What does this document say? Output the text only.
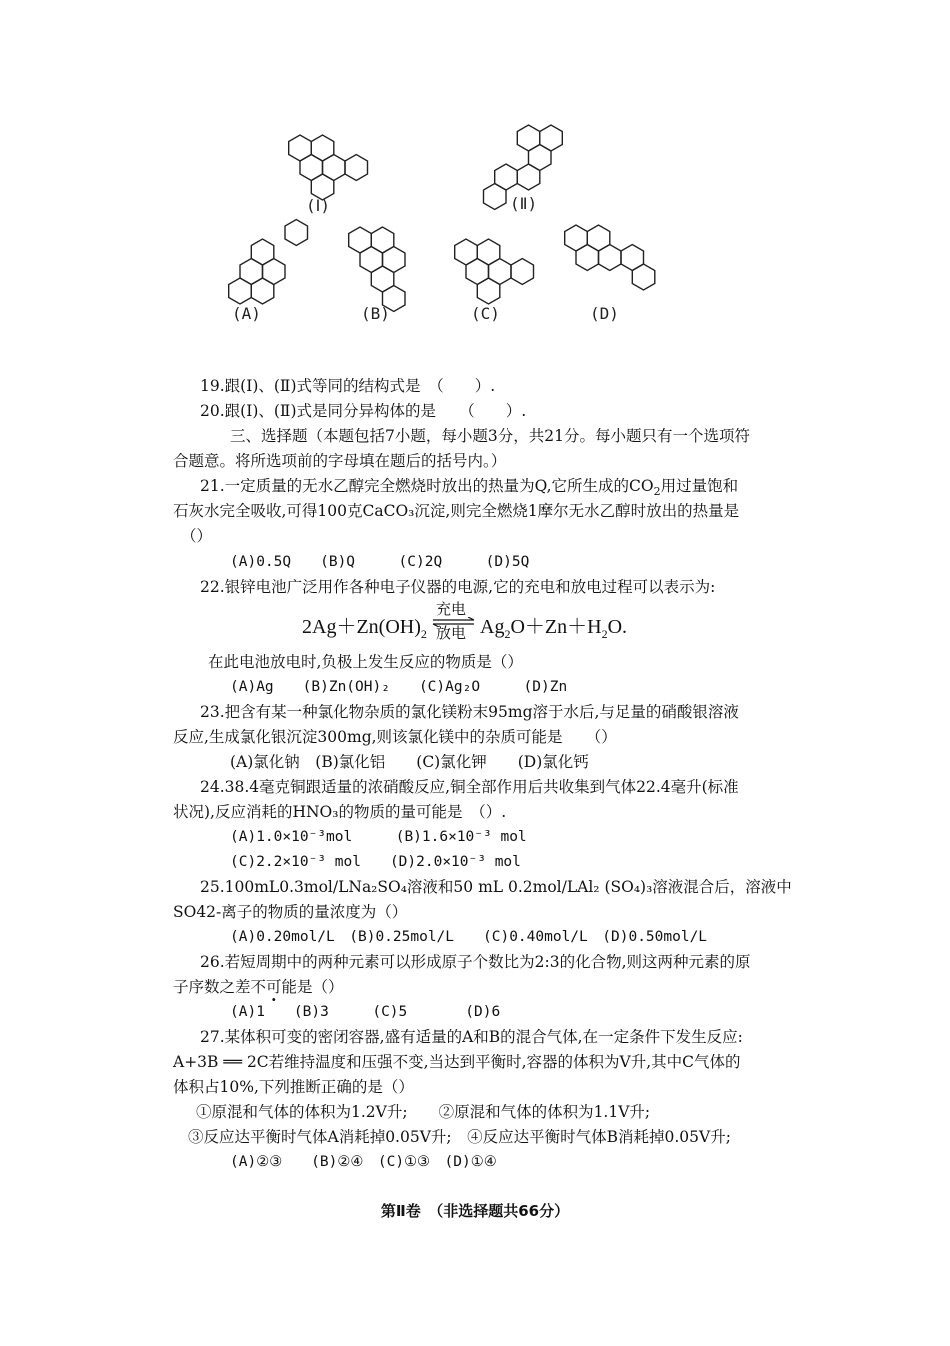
(Ⅰ)	(Ⅱ)
(A)	(B)	(C)	(D)
19.跟(Ⅰ)、(Ⅱ)式等同的结构式是　（　　）.
20.跟(Ⅰ)、(Ⅱ)式是同分异构体的是　　（　　）.
三、选择题（本题包括7小题，每小题3分，共21分。每小题只有一个选项符
合题意。将所选项前的字母填在题后的括号内。）
21.一定质量的无水乙醇完全燃烧时放出的热量为Q,它所生成的$CO_2$用过量饱和
石灰水完全吸收,可得100克CaCO₃沉淀,则完全燃烧1摩尔无水乙醇时放出的热量是
（）
(A)0.5Q　　(B)Q　　　(C)2Q　　　(D)5Q
22.银锌电池广泛用作各种电子仪器的电源,它的充电和放电过程可以表示为:
$2Ag+Zn(OH)_2$
充电
放电 $Ag_2O+Zn+H_2O$.
在此电池放电时,负极上发生反应的物质是（）
(A)Ag　　(B)Zn(OH)₂　　(C)Ag₂O　　　(D)Zn
23.把含有某一种氯化物杂质的氯化镁粉末95mg溶于水后,与足量的硝酸银溶液
反应,生成氯化银沉淀300mg,则该氯化镁中的杂质可能是　　（）
(A)氯化钠　(B)氯化铝　　(C)氯化钾　　(D)氯化钙
24.38.4毫克铜跟适量的浓硝酸反应,铜全部作用后共收集到气体22.4毫升(标准
状况),反应消耗的HNO₃的物质的量可能是　（）.
(A)1.0×10⁻³mol　　　(B)1.6×10⁻³ mol
(C)2.2×10⁻³ mol　　(D)2.0×10⁻³ mol
25.100mL0.3mol/LNa₂SO₄溶液和50 mL 0.2mol/LAl₂ (SO₄)₃溶液混合后，溶液中
SO42-离子的物质的量浓度为（）
(A)0.20mol/L　(B)0.25mol/L　　(C)0.40mol/L　(D)0.50mol/L
26.若短周期中的两种元素可以形成原子个数比为2:3的化合物,则这两种元素的原
子序数之差不可能是（）
(A)1　　(B)3　　　(C)5　　　　(D)6
27.某体积可变的密闭容器,盛有适量的A和B的混合气体,在一定条件下发生反应:
A+3B ══ 2C若维持温度和压强不变,当达到平衡时,容器的体积为V升,其中C气体的
体积占10%,下列推断正确的是（）
①原混和气体的体积为1.2V升;　　②原混和气体的体积为1.1V升;
③反应达平衡时气体A消耗掉0.05V升;　④反应达平衡时气体B消耗掉0.05V升;
(A)②③　　(B)②④　(C)①③　(D)①④
第Ⅱ卷　（非选择题共66分）
